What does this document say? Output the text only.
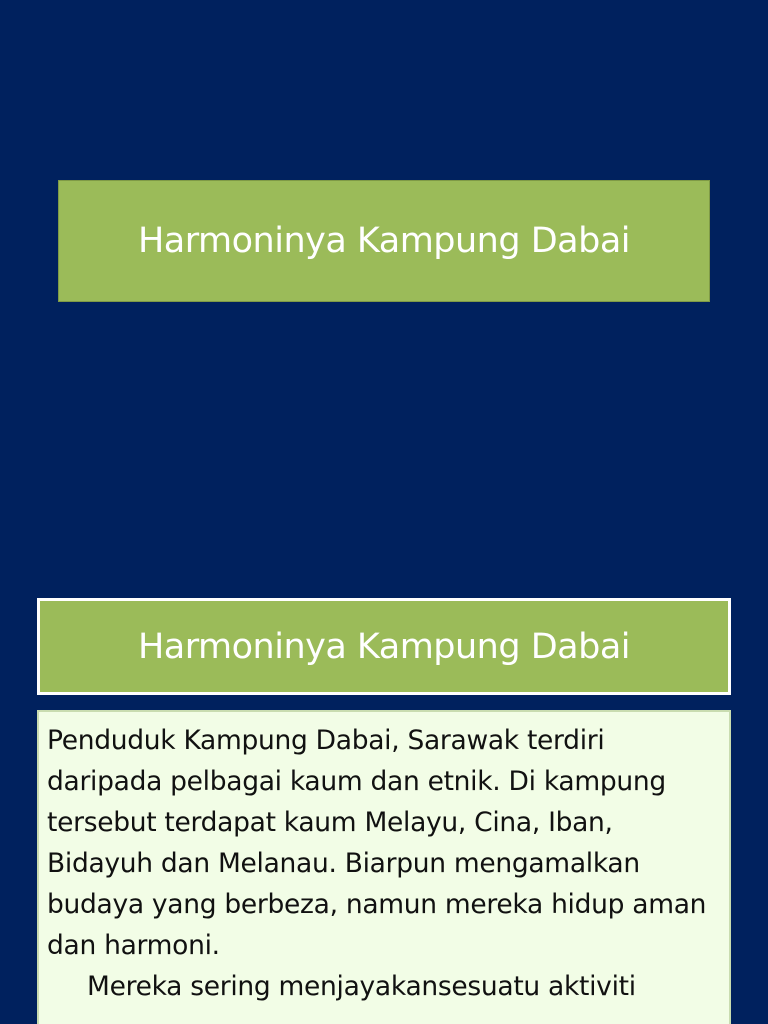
Harmoninya Kampung Dabai
Harmoninya Kampung Dabai

Penduduk Kampung Dabai, Sarawak terdiri daripada pelbagai kaum dan etnik. Di kampung tersebut terdapat kaum Melayu, Cina, Iban, Bidayuh dan Melanau. Biarpun mengamalkan budaya yang berbeza, namun mereka hidup aman dan harmoni.

Mereka sering menjayakansesuatu aktiviti
